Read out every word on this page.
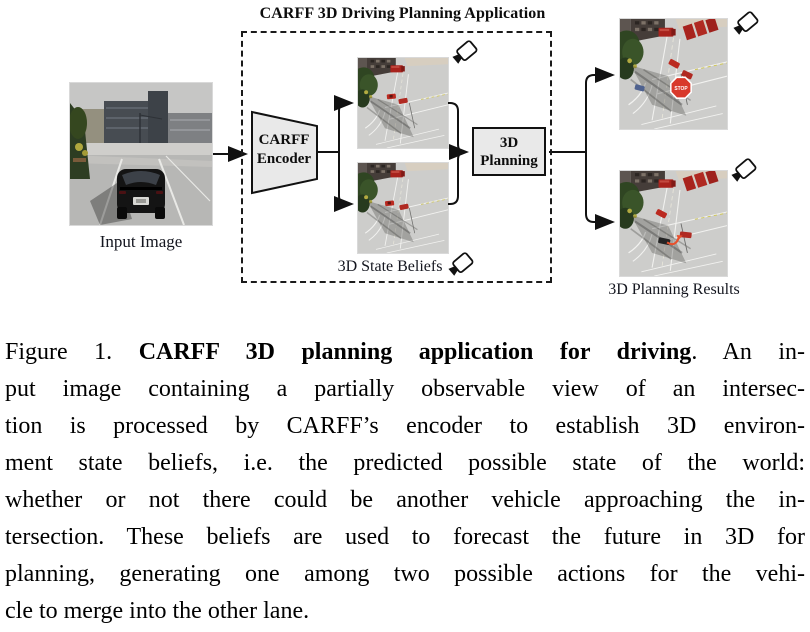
CARFF 3D Driving Planning Application
Input Image
CARFF
Encoder
3D
Planning
STOP
3D State Beliefs
3D Planning Results
Figure 1. CARFF 3D planning application for driving. An in-
put image containing a partially observable view of an intersec-
tion is processed by CARFF’s encoder to establish 3D environ-
ment state beliefs, i.e. the predicted possible state of the world:
whether or not there could be another vehicle approaching the in-
tersection. These beliefs are used to forecast the future in 3D for
planning, generating one among two possible actions for the vehi-
cle to merge into the other lane.
